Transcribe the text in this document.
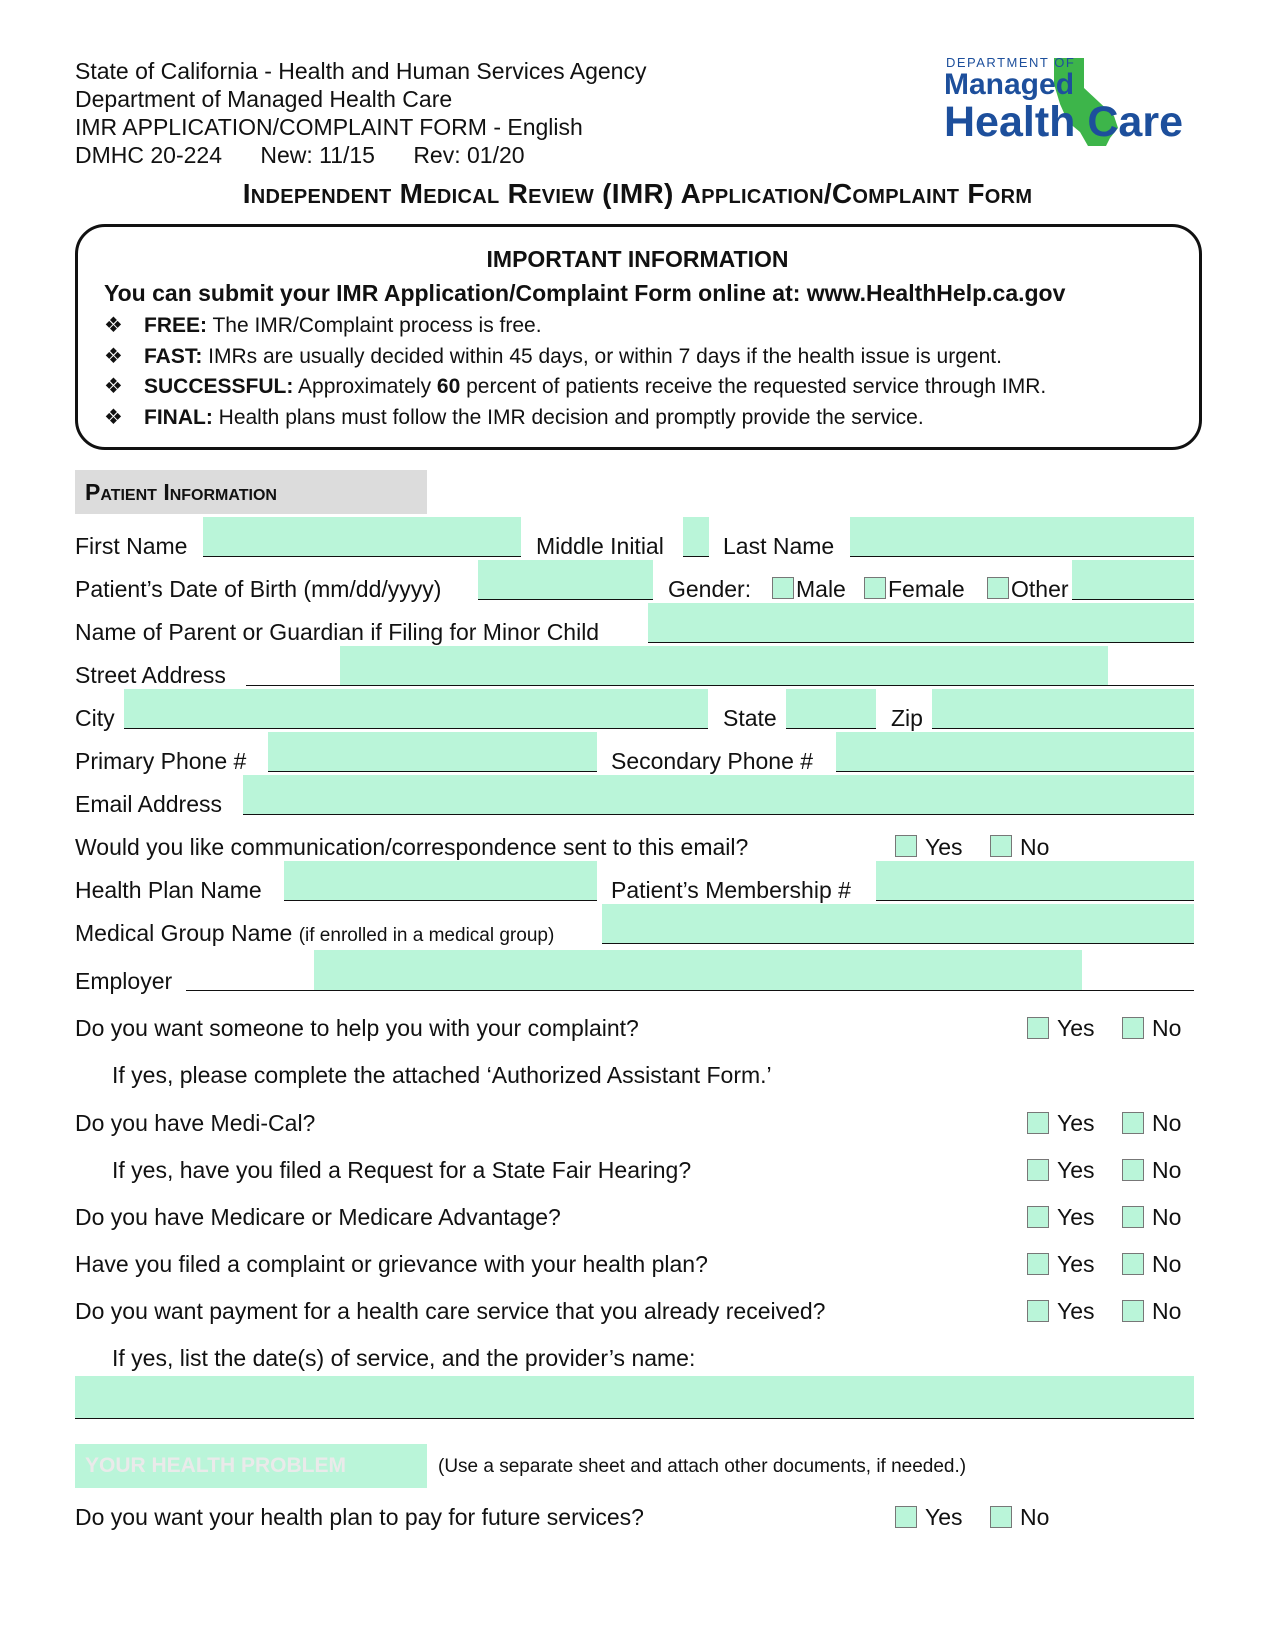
State of California - Health and Human Services Agency
Department of Managed Health Care
IMR APPLICATION/COMPLAINT FORM - English
DMHC 20-224      New: 11/15      Rev: 01/20
DEPARTMENT OF
Managed
Health Care
Independent Medical Review (IMR) Application/Complaint Form
IMPORTANT INFORMATION
You can submit your IMR Application/Complaint Form online at: www.HealthHelp.ca.gov
❖ FREE: The IMR/Complaint process is free.
❖ FAST: IMRs are usually decided within 45 days, or within 7 days if the health issue is urgent.
❖ SUCCESSFUL: Approximately 60 percent of patients receive the requested service through IMR.
❖ FINAL: Health plans must follow the IMR decision and promptly provide the service.
Patient Information
First Name	Middle Initial	Last Name
Patient’s Date of Birth (mm/dd/yyyy)	Gender: Male Female Other
Name of Parent or Guardian if Filing for Minor Child
Street Address
City	State	Zip
Primary Phone #	Secondary Phone #
Email Address
Would you like communication/correspondence sent to this email?	Yes No
Health Plan Name	Patient’s Membership #
Medical Group Name (if enrolled in a medical group)
Employer
Do you want someone to help you with your complaint?	Yes No
If yes, please complete the attached ‘Authorized Assistant Form.’
Do you have Medi-Cal?	Yes No
If yes, have you filed a Request for a State Fair Hearing?	Yes No
Do you have Medicare or Medicare Advantage?	Yes No
Have you filed a complaint or grievance with your health plan?	Yes No
Do you want payment for a health care service that you already received?	Yes No
If yes, list the date(s) of service, and the provider’s name:
YOUR HEALTH PROBLEM	(Use a separate sheet and attach other documents, if needed.)
Do you want your health plan to pay for future services?	Yes No
